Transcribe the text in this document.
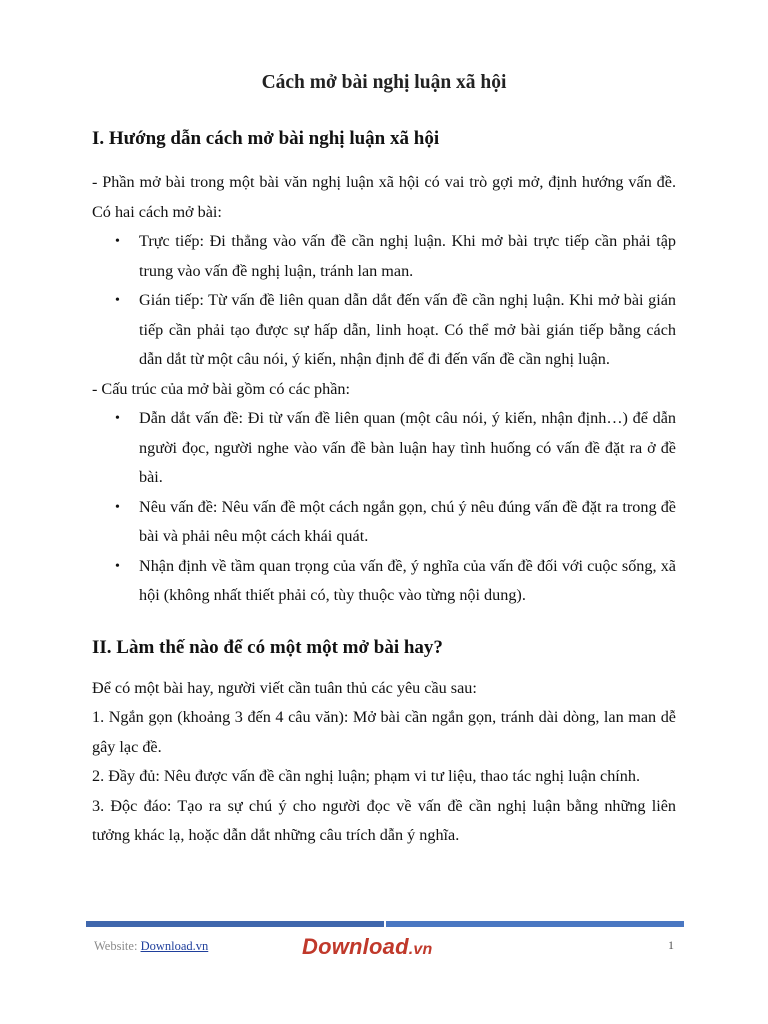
Cách mở bài nghị luận xã hội
I. Hướng dẫn cách mở bài nghị luận xã hội

- Phần mở bài trong một bài văn nghị luận xã hội có vai trò gợi mở, định hướng vấn đề. Có hai cách mở bài:

• Trực tiếp: Đi thẳng vào vấn đề cần nghị luận. Khi mở bài trực tiếp cần phải tập trung vào vấn đề nghị luận, tránh lan man.
• Gián tiếp: Từ vấn đề liên quan dẫn dắt đến vấn đề cần nghị luận. Khi mở bài gián tiếp cần phải tạo được sự hấp dẫn, linh hoạt. Có thể mở bài gián tiếp bằng cách dẫn dắt từ một câu nói, ý kiến, nhận định để đi đến vấn đề cần nghị luận.

- Cấu trúc của mở bài gồm có các phần:

• Dẫn dắt vấn đề: Đi từ vấn đề liên quan (một câu nói, ý kiến, nhận định…) để dẫn người đọc, người nghe vào vấn đề bàn luận hay tình huống có vấn đề đặt ra ở đề bài.
• Nêu vấn đề: Nêu vấn đề một cách ngắn gọn, chú ý nêu đúng vấn đề đặt ra trong đề bài và phải nêu một cách khái quát.
• Nhận định về tầm quan trọng của vấn đề, ý nghĩa của vấn đề đối với cuộc sống, xã hội (không nhất thiết phải có, tùy thuộc vào từng nội dung).
II. Làm thế nào để có một một mở bài hay?

Để có một bài hay, người viết cần tuân thủ các yêu cầu sau:

1. Ngắn gọn (khoảng 3 đến 4 câu văn): Mở bài cần ngắn gọn, tránh dài dòng, lan man dễ gây lạc đề.

2. Đầy đủ: Nêu được vấn đề cần nghị luận; phạm vi tư liệu, thao tác nghị luận chính.

3. Độc đáo: Tạo ra sự chú ý cho người đọc về vấn đề cần nghị luận bằng những liên tưởng khác lạ, hoặc dẫn dắt những câu trích dẫn ý nghĩa.

Website: Download.vn	Download.vn	1
